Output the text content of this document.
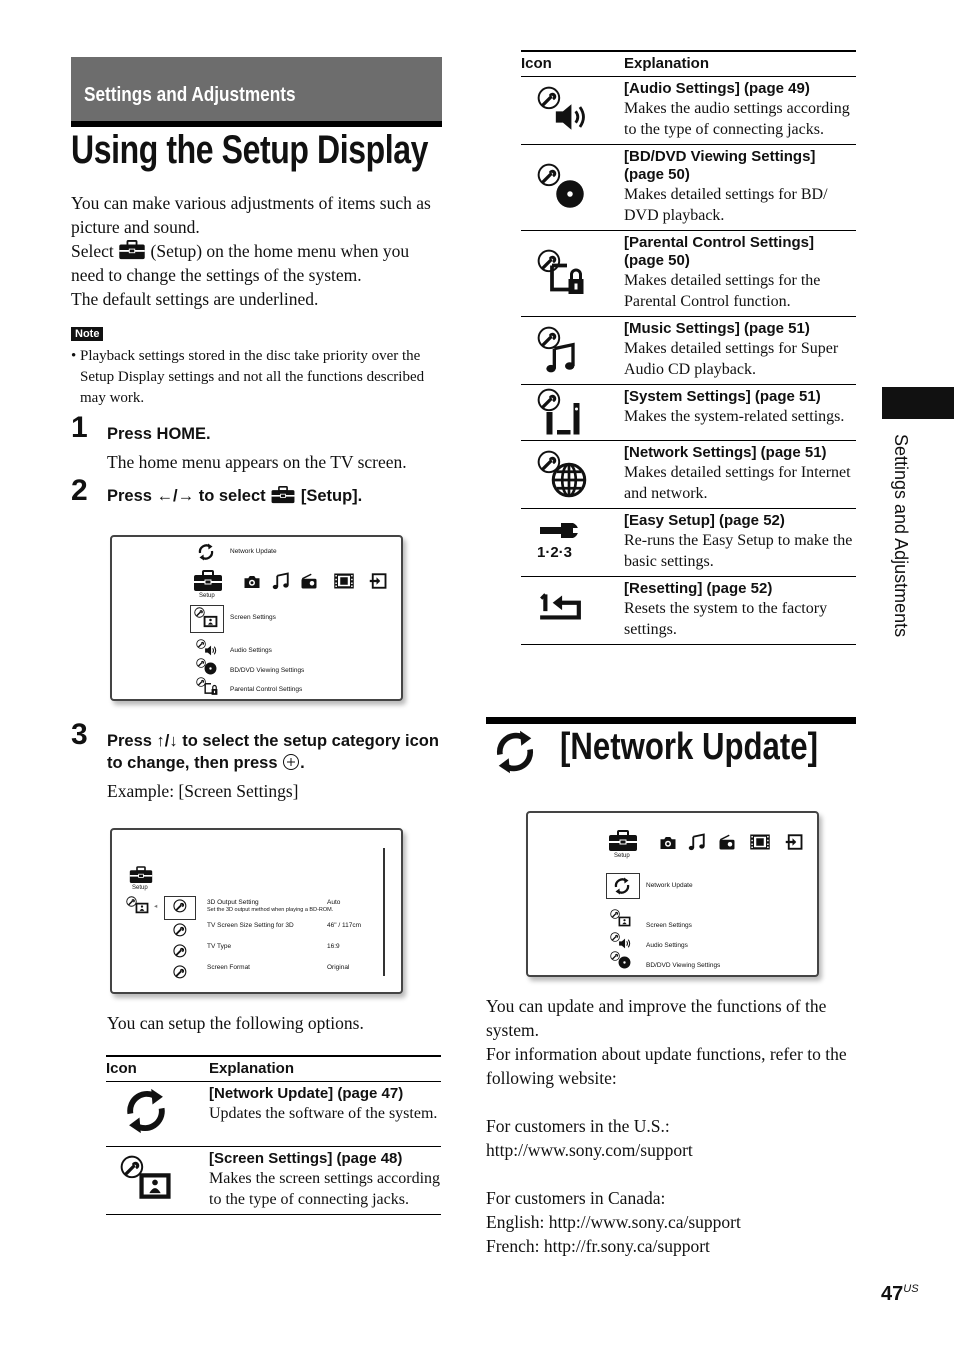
Settings and Adjustments
Using the Setup Display
You can make various adjustments of items such as picture and sound.
Select (Setup) on the home menu when you need to change the settings of the system.
The default settings are underlined.
Note
• Playback settings stored in the disc take priority over the Setup Display settings and not all the functions described may work.
1 Press HOME.
The home menu appears on the TV screen.
2 Press ←/→ to select [Setup].
Network Update
Setup
Screen Settings
Audio Settings
BD/DVD Viewing Settings
Parental Control Settings
3 Press ↑/↓ to select the setup category icon to change, then press .
Example: [Screen Settings]
Setup
◂
3D Output Setting	Auto
Set the 3D output method when playing a BD-ROM.
TV Screen Size Setting for 3D	46" / 117cm
TV Type	16:9
Screen Format	Original
You can setup the following options.
Icon	Explanation

[Network Update] (page 47)
Updates the software of the system.

[Screen Settings] (page 48)
Makes the screen settings according to the type of connecting jacks.
Icon	Explanation

[Audio Settings] (page 49)
Makes the audio settings according to the type of connecting jacks.

[BD/DVD Viewing Settings] (page 50)
Makes detailed settings for BD/ DVD playback.

[Parental Control Settings] (page 50)
Makes detailed settings for the Parental Control function.

[Music Settings] (page 51)
Makes detailed settings for Super Audio CD playback.

[System Settings] (page 51)
Makes the system-related settings.

[Network Settings] (page 51)
Makes detailed settings for Internet and network.

1·2·3	[Easy Setup] (page 52)
Re-runs the Easy Setup to make the basic settings.

[Resetting] (page 52)
Resets the system to the factory settings.
[Network Update]
Setup
Network Update
Screen Settings
Audio Settings
BD/DVD Viewing Settings
You can update and improve the functions of the system.
For information about update functions, refer to the following website:
For customers in the U.S.:
http://www.sony.com/support
For customers in Canada:
English: http://www.sony.ca/support
French: http://fr.sony.ca/support
Settings and Adjustments
$47^{US}$
